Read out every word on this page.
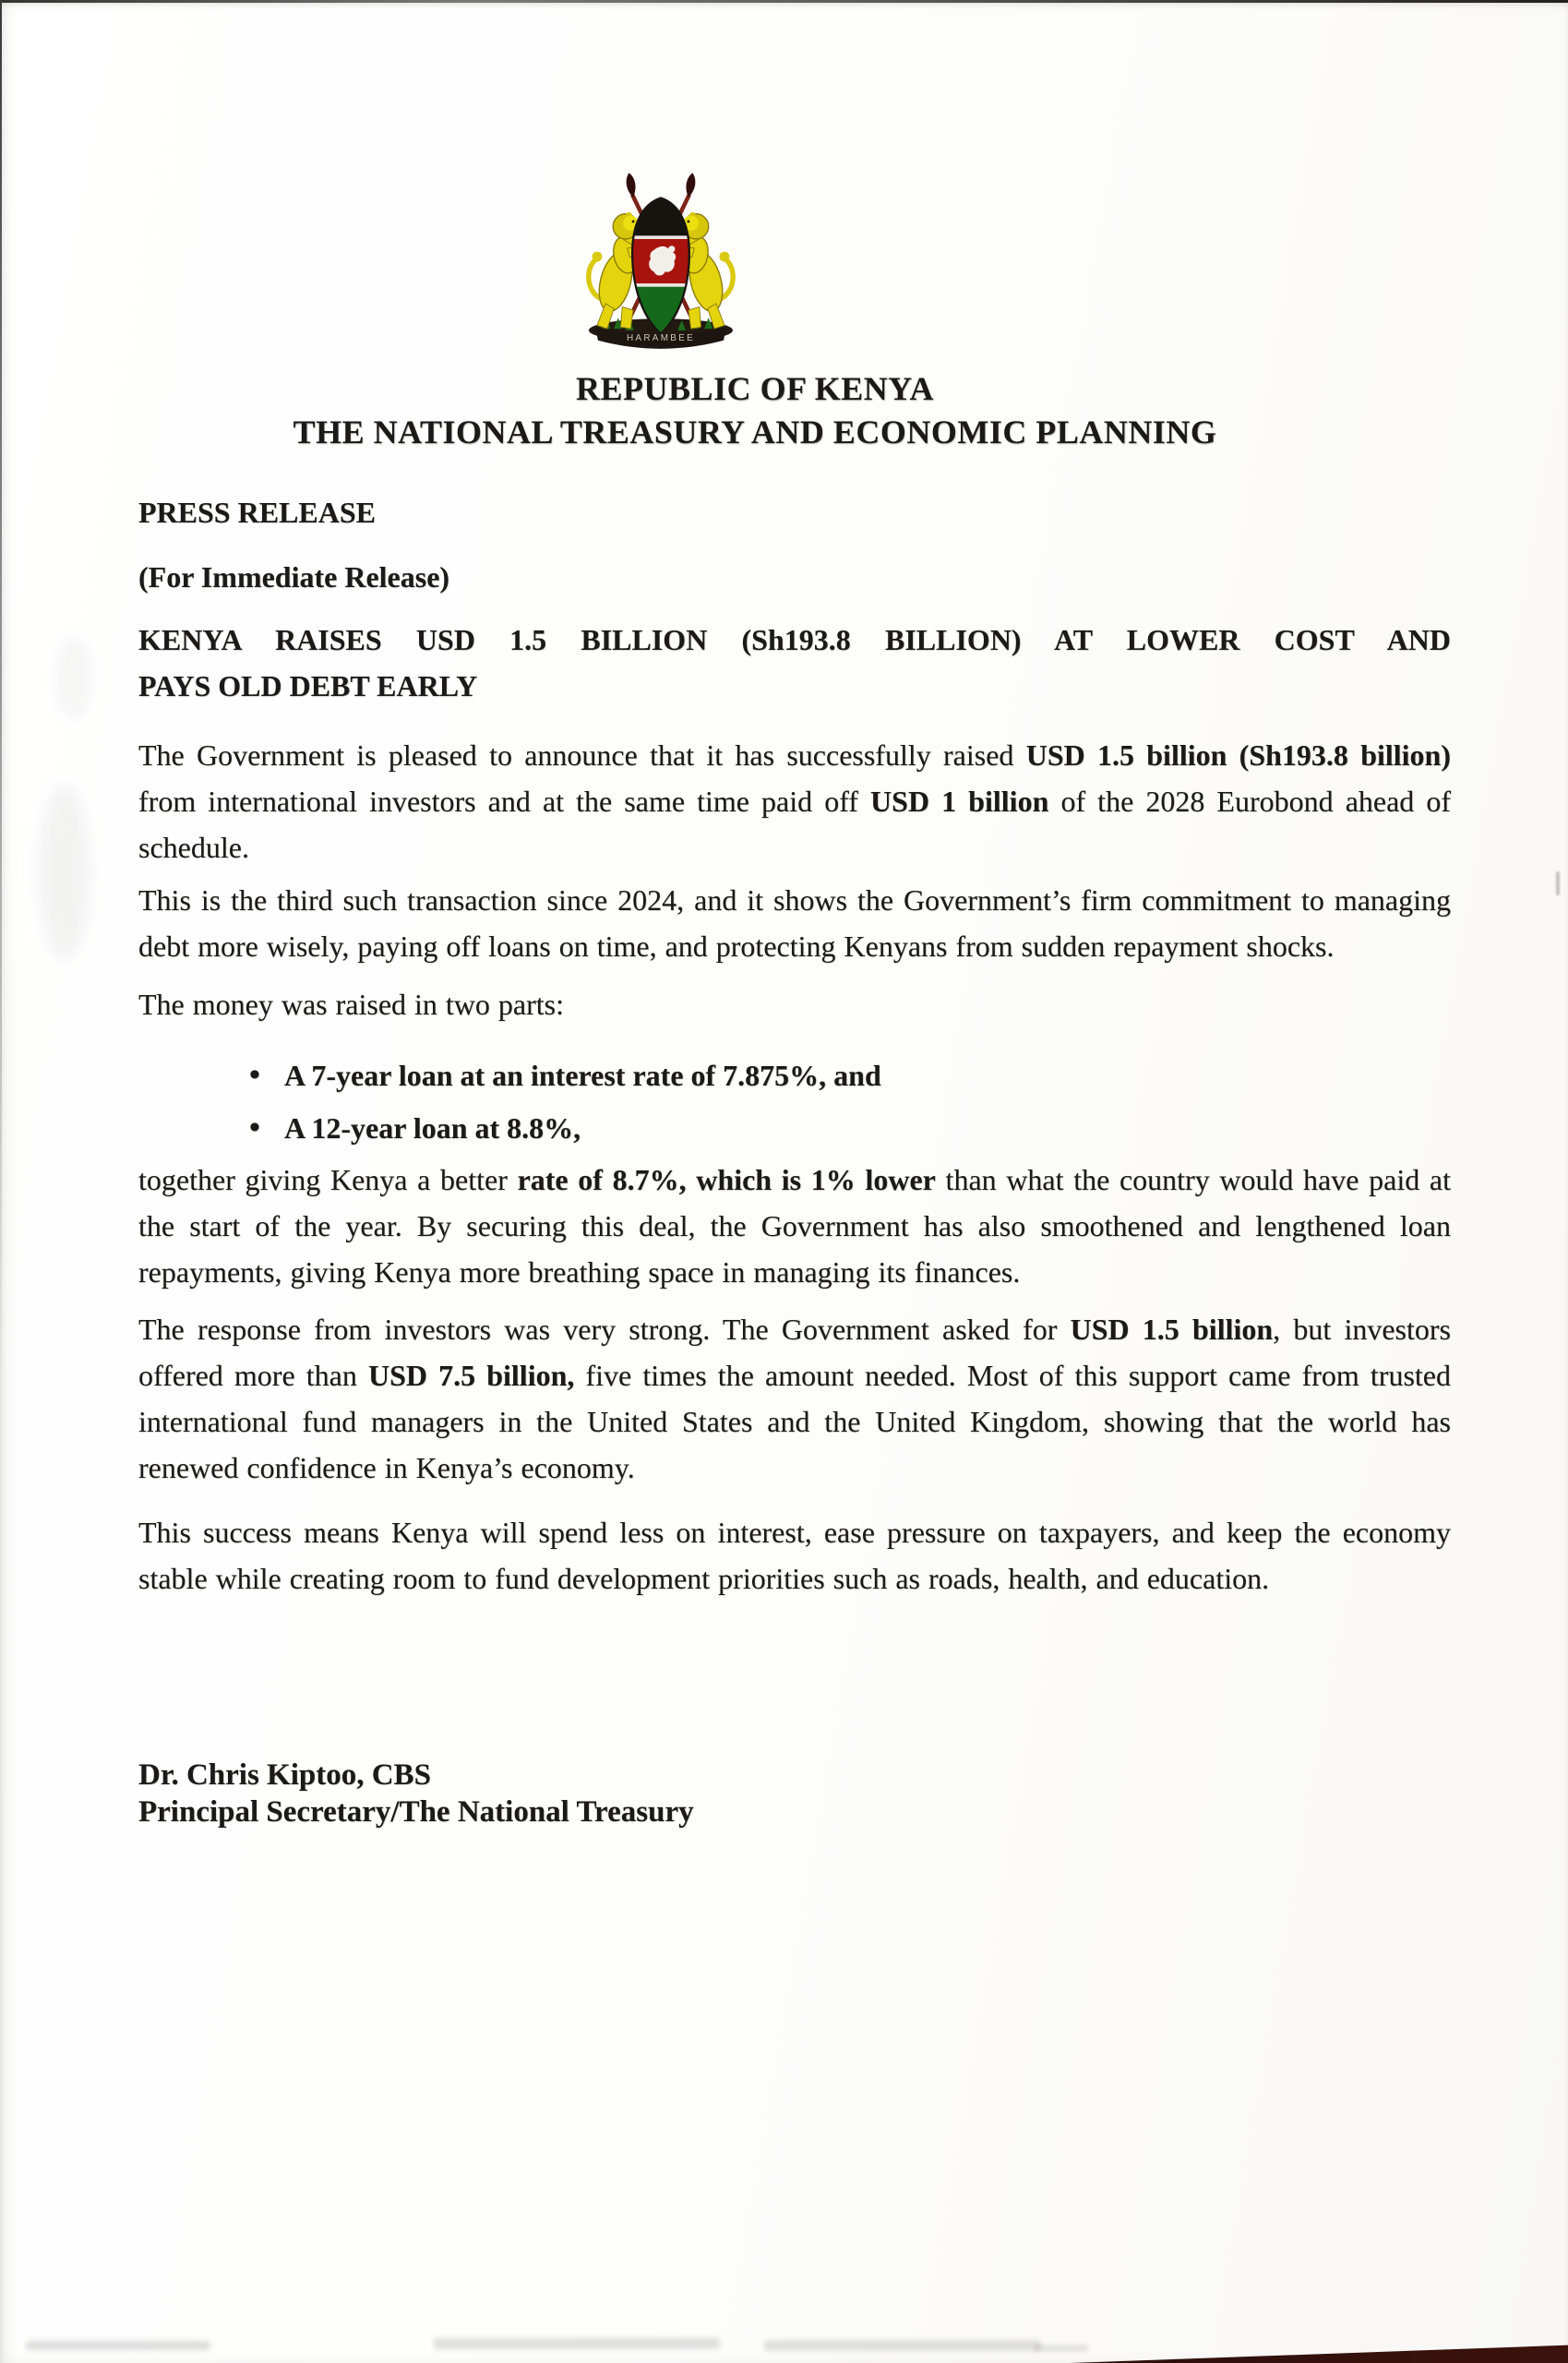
HARAMBEE
REPUBLIC OF KENYA
THE NATIONAL TREASURY AND ECONOMIC PLANNING
PRESS RELEASE
(For Immediate Release)
KENYA RAISES USD 1.5 BILLION (Sh193.8 BILLION) AT LOWER COST AND
PAYS OLD DEBT EARLY

The Government is pleased to announce that it has successfully raised USD 1.5 billion (Sh193.8 billion) from international investors and at the same time paid off USD 1 billion of the 2028 Eurobond ahead of schedule.

This is the third such transaction since 2024, and it shows the Government’s firm commitment to managing debt more wisely, paying off loans on time, and protecting Kenyans from sudden repayment shocks.

The money was raised in two parts:

• A 7-year loan at an interest rate of 7.875%, and
• A 12-year loan at 8.8%,

together giving Kenya a better rate of 8.7%, which is 1% lower than what the country would have paid at the start of the year. By securing this deal, the Government has also smoothened and lengthened loan repayments, giving Kenya more breathing space in managing its finances.

The response from investors was very strong. The Government asked for USD 1.5 billion, but investors offered more than USD 7.5 billion, five times the amount needed. Most of this support came from trusted international fund managers in the United States and the United Kingdom, showing that the world has renewed confidence in Kenya’s economy.

This success means Kenya will spend less on interest, ease pressure on taxpayers, and keep the economy stable while creating room to fund development priorities such as roads, health, and education.

Dr. Chris Kiptoo, CBS
Principal Secretary/The National Treasury
